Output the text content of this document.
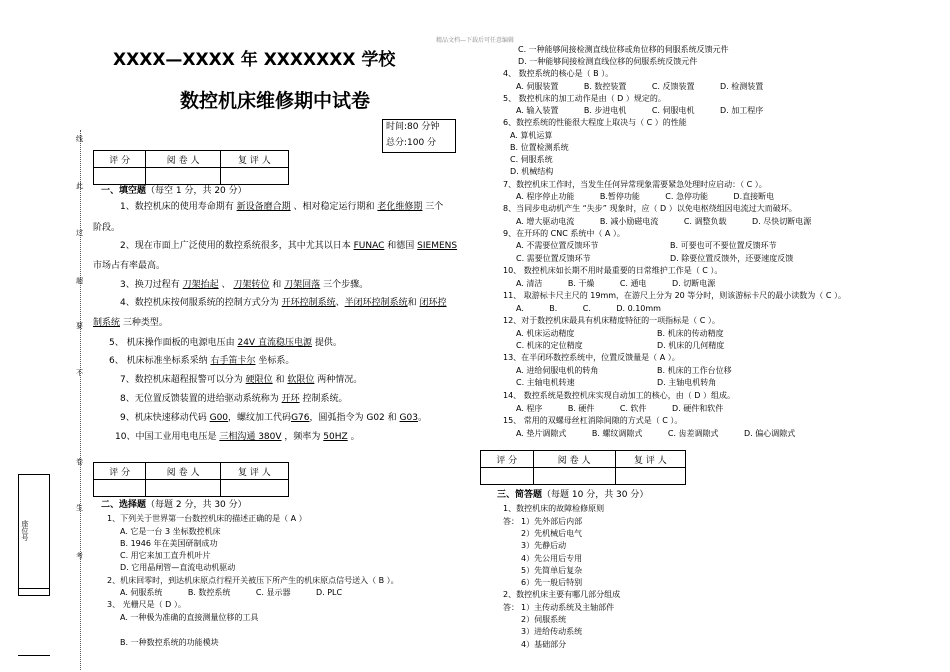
精品文档—下载后可任意编辑
线
此
过
超
要
不
卷
生
考
座位号
XXXX—XXXX 年 XXXXXXX 学校
数控机床维修期中试卷
时间:80 分钟
总分:100 分
评 分	阅 卷 人	复 评 人

一、填空题（每空 1 分，共 20 分）
1、数控机床的使用寿命期有 新设备磨合期 、相对稳定运行期和 老化维修期 三个
阶段。
2、现在市面上广泛使用的数控系统很多，其中尤其以日本 FUNAC 和德国 SIEMENS
市场占有率最高。
3、换刀过程有 刀架抬起 、 刀架转位 和 刀架回落 三个步骤。
4、数控机床按伺服系统的控制方式分为 开环控制系统、半闭环控制系统和 闭环控
制系统 三种类型。
5、 机床操作面板的电源电压由 24V 直流稳压电源 提供。
6、 机床标准坐标系采纳 右手笛卡尔 坐标系。
7、数控机床超程报警可以分为 硬限位 和 软限位 两种情况。
8、无位置反馈装置的进给驱动系统称为 开环 控制系统。
9、机床快速移动代码 G00，螺纹加工代码G76，圆弧指令为 G02 和 G03。
10、中国工业用电电压是 三相沟通 380V ，频率为 50HZ 。
评 分	阅 卷 人	复 评 人

二、选择题（每题 2 分，共 30 分）
1、下列关于世界第一台数控机床的描述正确的是（ A ）
A. 它是一台 3 坐标数控机床
B. 1946 年在美国研制成功
C. 用它来加工直升机叶片
D. 它用晶闸管—直流电动机驱动
2、机床回零时，到达机床原点行程开关被压下所产生的机床原点信号送入（ B ）。
A. 伺服系统          B. 数控系统          C. 显示器          D. PLC
3、 光栅尺是（ D ）。
A. 一种极为准确的直接测量位移的工具
B. 一种数控系统的功能模块
C. 一种能够间接检测直线位移或角位移的伺服系统反馈元件
D. 一种能够间接检测直线位移的伺服系统反馈元件
4、 数控系统的核心是（ B ）。
A. 伺服装置          B. 数控装置          C. 反馈装置          D. 检测装置
5、 数控机床的加工动作是由（ D ）规定的。
A. 输入装置          B. 步进电机          C. 伺服电机          D. 加工程序
6、数控系统的性能很大程度上取决与（ C ）的性能
A. 算机运算
B. 位置检测系统
C. 伺服系统
D. 机械结构
7、数控机床工作时，当发生任何异常现象需要紧急处理时应启动：（ C ）。
A. 程序停止功能          B.暂停功能          C. 急停功能          D.直接断电
8、当同步电动机产生 “失步” 现象时，应（ D ）以免电枢绕组因电流过大而破坏。
A. 增大驱动电流          B. 减小励磁电流          C. 调整负载          D. 尽快切断电源
9、在开环的 CNC 系统中（ A ）。
A. 不需要位置反馈环节	B. 可要也可不要位置反馈环节
C. 需要位置反馈环节	D. 除要位置反馈外，还要速度反馈
10、 数控机床如长期不用时最重要的日常维护工作是（ C ）。
A. 清洁          B. 干燥          C. 通电          D. 切断电源
11、 取游标卡尺主尺的 19mm，在游尺上分为 20 等分时，则该游标卡尺的最小读数为（ C ）。
A.          B.          C.          D. 0.10mm
12、对于数控机床最具有机床精度特征的一项指标是（ C ）。
A. 机床运动精度	B. 机床的传动精度
C. 机床的定位精度	D. 机床的几何精度
13、在半闭环数控系统中，位置反馈量是（ A ）。
A. 进给伺服电机的转角	B. 机床的工作台位移
C. 主轴电机转速	D. 主轴电机转角
14、 数控系统是数控机床实现自动加工的核心，由（ D ）组成。
A. 程序          B. 硬件          C. 软件          D. 硬件和软件
15、 常用的双螺母丝杠消除间隙的方式是（ C ）。
A. 垫片调隙式          B. 螺纹调隙式          C. 齿差调隙式          D. 偏心调隙式
评 分	阅 卷 人	复 评 人

三、简答题（每题 10 分，共 30 分）
1、数控机床的故障检修原则
答： 1）先外部后内部
2）先机械后电气
3）先静后动
4）先公用后专用
5）先简单后复杂
6）先一般后特别
2、数控机床主要有哪几部分组成
答： 1）主传动系统及主轴部件
2）伺服系统
3）进给传动系统
4）基础部分
